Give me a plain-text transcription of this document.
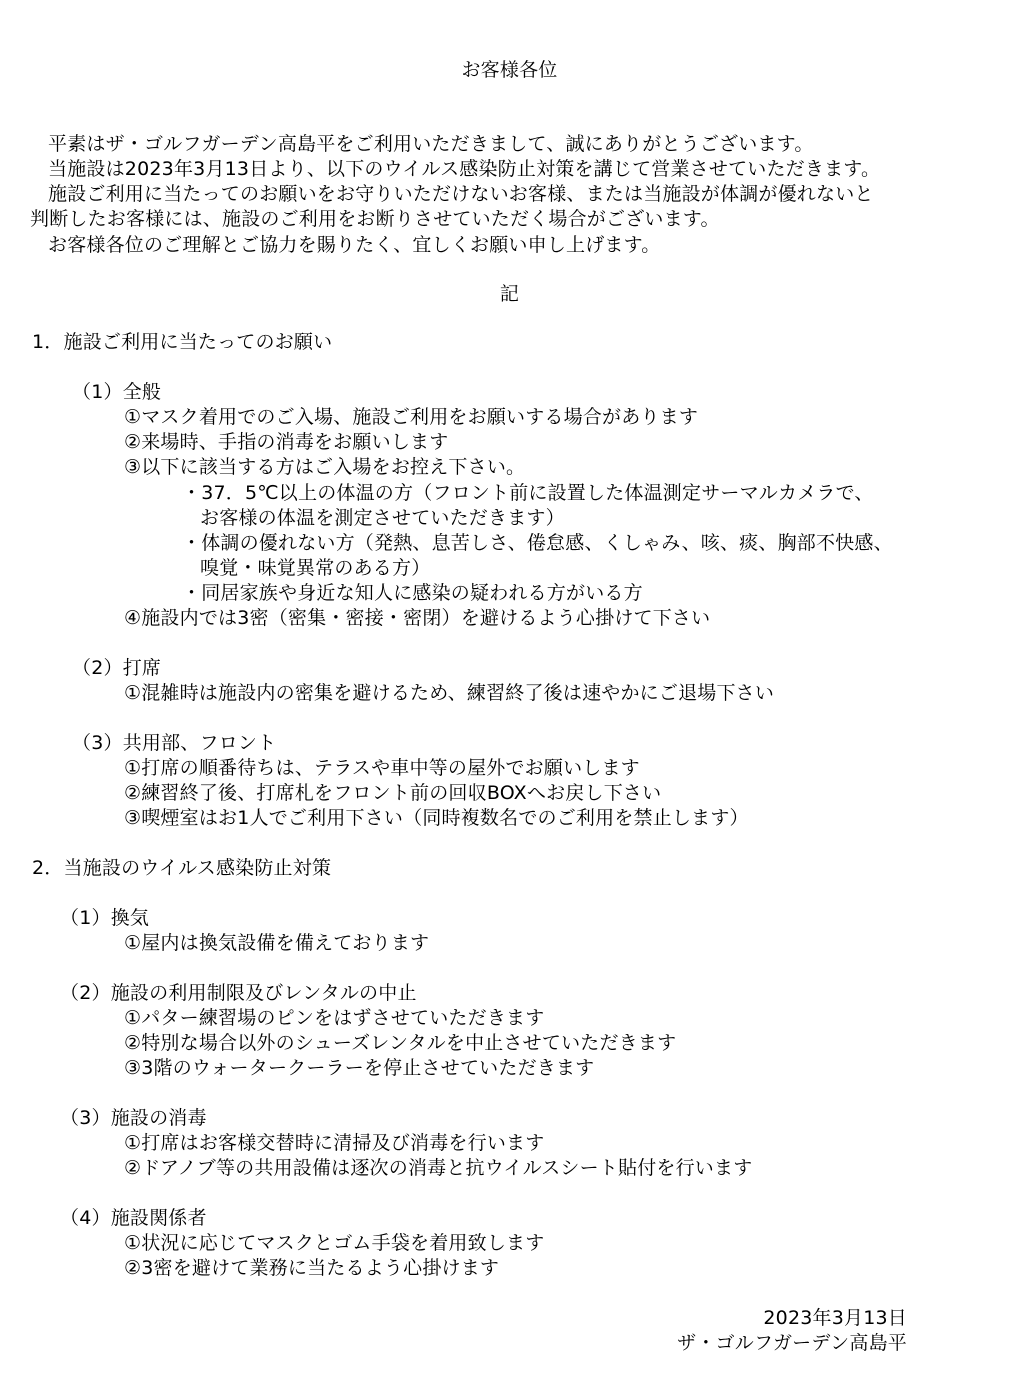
お客様各位
平素はザ・ゴルフガーデン高島平をご利用いただきまして、誠にありがとうございます。
当施設は2023年3月13日より、以下のウイルス感染防止対策を講じて営業させていただきます。
施設ご利用に当たってのお願いをお守りいただけないお客様、または当施設が体調が優れないと
判断したお客様には、施設のご利用をお断りさせていただく場合がございます。
お客様各位のご理解とご協力を賜りたく、宜しくお願い申し上げます。
記
1．施設ご利用に当たってのお願い
（1）全般
①マスク着用でのご入場、施設ご利用をお願いする場合があります
②来場時、手指の消毒をお願いします
③以下に該当する方はご入場をお控え下さい。
・37．5℃以上の体温の方（フロント前に設置した体温測定サーマルカメラで、
お客様の体温を測定させていただきます）
・体調の優れない方（発熱、息苦しさ、倦怠感、くしゃみ、咳、痰、胸部不快感、
嗅覚・味覚異常のある方）
・同居家族や身近な知人に感染の疑われる方がいる方
④施設内では3密（密集・密接・密閉）を避けるよう心掛けて下さい
（2）打席
①混雑時は施設内の密集を避けるため、練習終了後は速やかにご退場下さい
（3）共用部、フロント
①打席の順番待ちは、テラスや車中等の屋外でお願いします
②練習終了後、打席札をフロント前の回収BOXへお戻し下さい
③喫煙室はお1人でご利用下さい（同時複数名でのご利用を禁止します）
2．当施設のウイルス感染防止対策
（1）換気
①屋内は換気設備を備えております
（2）施設の利用制限及びレンタルの中止
①パター練習場のピンをはずさせていただきます
②特別な場合以外のシューズレンタルを中止させていただきます
③3階のウォータークーラーを停止させていただきます
（3）施設の消毒
①打席はお客様交替時に清掃及び消毒を行います
②ドアノブ等の共用設備は逐次の消毒と抗ウイルスシート貼付を行います
（4）施設関係者
①状況に応じてマスクとゴム手袋を着用致します
②3密を避けて業務に当たるよう心掛けます
2023年3月13日
ザ・ゴルフガーデン高島平
